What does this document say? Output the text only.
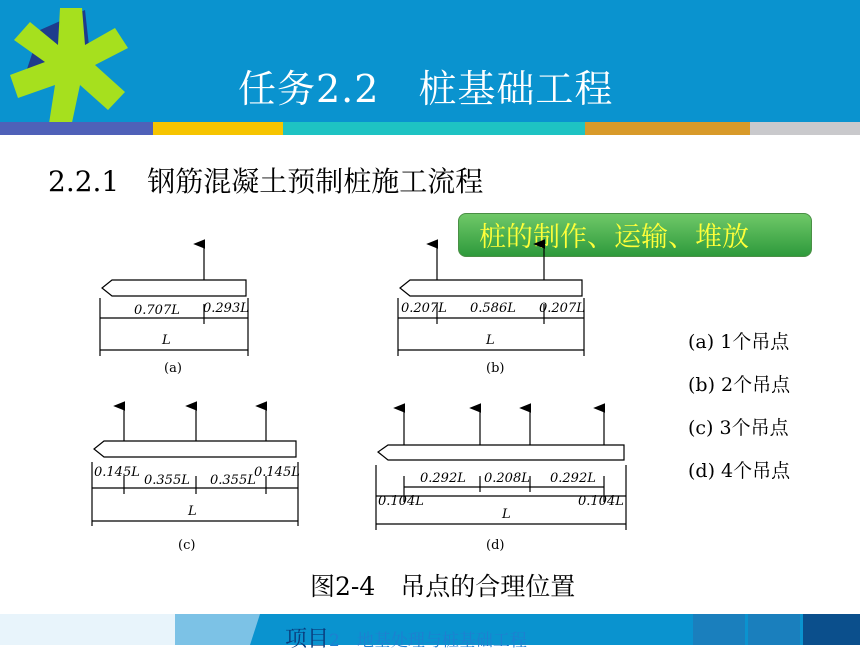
任务2.2　桩基础工程
2.2.1　钢筋混凝土预制桩施工流程
桩的制作、运输、堆放
0.707L 0.293L
L
0.207L 0.586L 0.207L
L
0.145L
0.355L 0.355L
0.145L
L
0.292L 0.208L 0.292L
0.104L	0.104L
L
(a)	(b)
(c)	(d)
(a) 1个吊点
(b) 2个吊点
(c) 3个吊点
(d) 4个吊点
图2-4　吊点的合理位置
项目2　地基处理与桩基础工程
